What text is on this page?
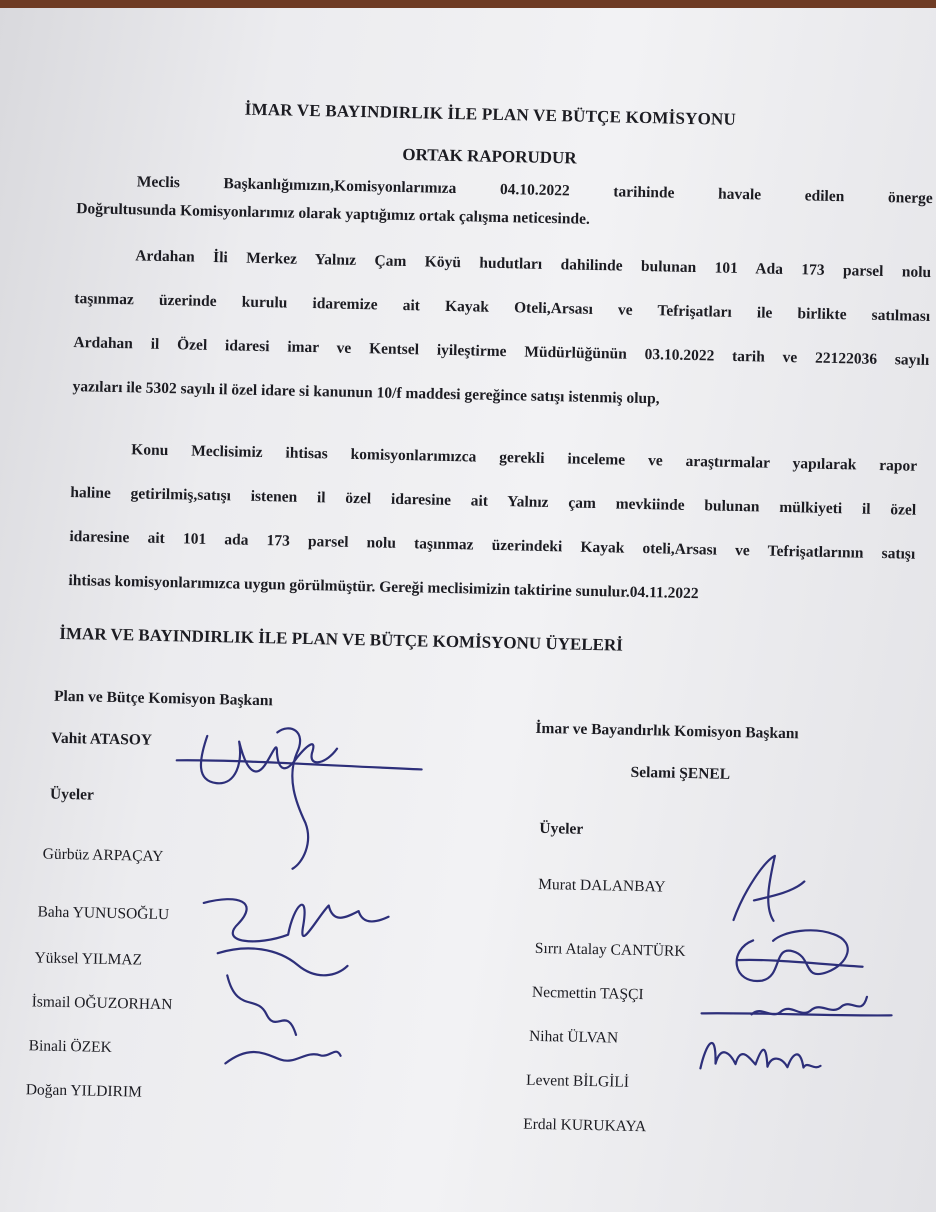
İMAR VE BAYINDIRLIK İLE PLAN VE BÜTÇE KOMİSYONU
ORTAK RAPORUDUR
Meclis Başkanlığımızın,Komisyonlarımıza 04.10.2022 tarihinde havale edilen önerge
Doğrultusunda Komisyonlarımız olarak yaptığımız ortak çalışma neticesinde.
Ardahan İli Merkez Yalnız Çam Köyü hudutları dahilinde bulunan 101 Ada 173 parsel nolu
taşınmaz üzerinde kurulu idaremize ait Kayak Oteli,Arsası ve Tefrişatları ile birlikte satılması
Ardahan il Özel idaresi imar ve Kentsel iyileştirme Müdürlüğünün 03.10.2022 tarih ve 22122036 sayılı
yazıları ile 5302 sayılı il özel idare si kanunun 10/f maddesi gereğince satışı istenmiş olup,
Konu Meclisimiz ihtisas komisyonlarımızca gerekli inceleme ve araştırmalar yapılarak rapor
haline getirilmiş,satışı istenen il özel idaresine ait Yalnız çam mevkiinde bulunan mülkiyeti il özel
idaresine ait 101 ada 173 parsel nolu taşınmaz üzerindeki Kayak oteli,Arsası ve Tefrişatlarının satışı
ihtisas komisyonlarımızca uygun görülmüştür. Gereği meclisimizin taktirine sunulur.04.11.2022
İMAR VE BAYINDIRLIK İLE PLAN VE BÜTÇE KOMİSYONU ÜYELERİ
Plan ve Bütçe Komisyon Başkanı
Vahit ATASOY
Üyeler
Gürbüz ARPAÇAY
Baha YUNUSOĞLU
Yüksel YILMAZ
İsmail OĞUZORHAN
Binali ÖZEK
Doğan YILDIRIM
İmar ve Bayandırlık Komisyon Başkanı
Selami ŞENEL
Üyeler
Murat DALANBAY
Sırrı Atalay CANTÜRK
Necmettin TAŞÇI
Nihat ÜLVAN
Levent BİLGİLİ
Erdal KURUKAYA
